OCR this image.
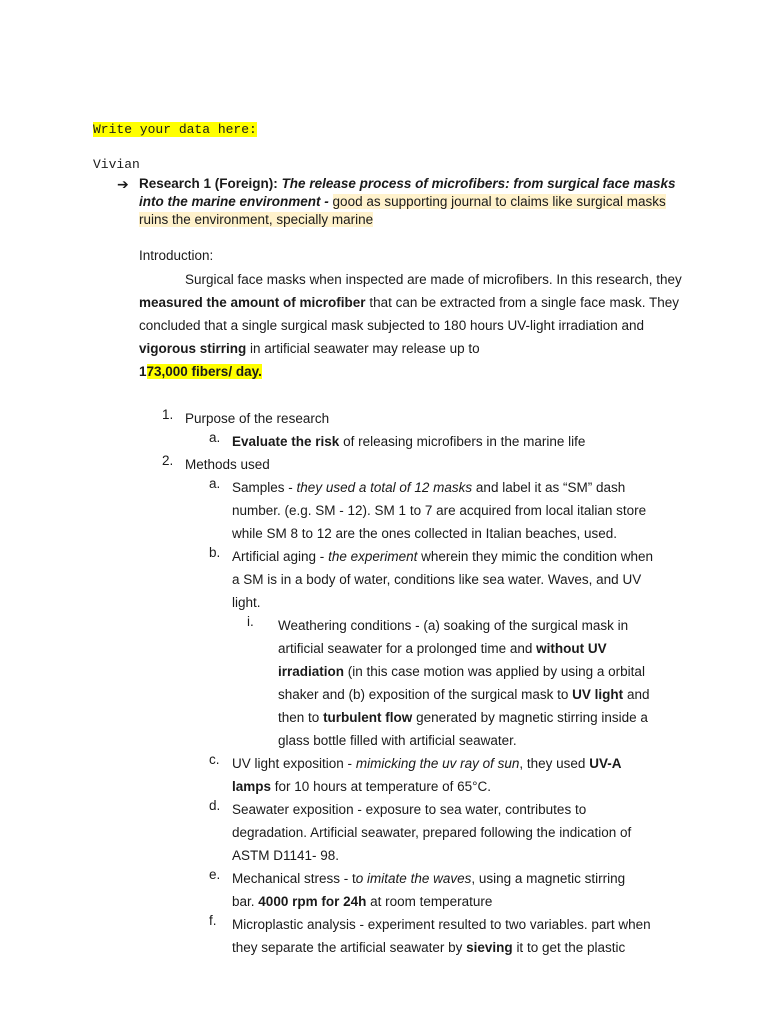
Write your data here:
Vivian
➔ Research 1 (Foreign): The release process of microfibers: from surgical face masks into the marine environment - good as supporting journal to claims like surgical masks ruins the environment, specially marine
Introduction:
Surgical face masks when inspected are made of microfibers. In this research, they measured the amount of microfiber that can be extracted from a single face mask. They concluded that a single surgical mask subjected to 180 hours UV-light irradiation and vigorous stirring in artificial seawater may release up to
173,000 fibers/ day.
1. Purpose of the research
a. Evaluate the risk of releasing microfibers in the marine life
2. Methods used
a. Samples - they used a total of 12 masks and label it as “SM” dash
number. (e.g. SM - 12). SM 1 to 7 are acquired from local italian store
while SM 8 to 12 are the ones collected in Italian beaches, used.
b. Artificial aging - the experiment wherein they mimic the condition when
a SM is in a body of water, conditions like sea water. Waves, and UV
light.
i. Weathering conditions - (a) soaking of the surgical mask in
artificial seawater for a prolonged time and without UV
irradiation (in this case motion was applied by using a orbital
shaker and (b) exposition of the surgical mask to UV light and
then to turbulent flow generated by magnetic stirring inside a
glass bottle filled with artificial seawater.
c. UV light exposition - mimicking the uv ray of sun, they used UV-A
lamps for 10 hours at temperature of 65°C.
d. Seawater exposition - exposure to sea water, contributes to
degradation. Artificial seawater, prepared following the indication of
ASTM D1141- 98.
e. Mechanical stress - to imitate the waves, using a magnetic stirring
bar. 4000 rpm for 24h at room temperature
f. Microplastic analysis - experiment resulted to two variables. part when
they separate the artificial seawater by sieving it to get the plastic
